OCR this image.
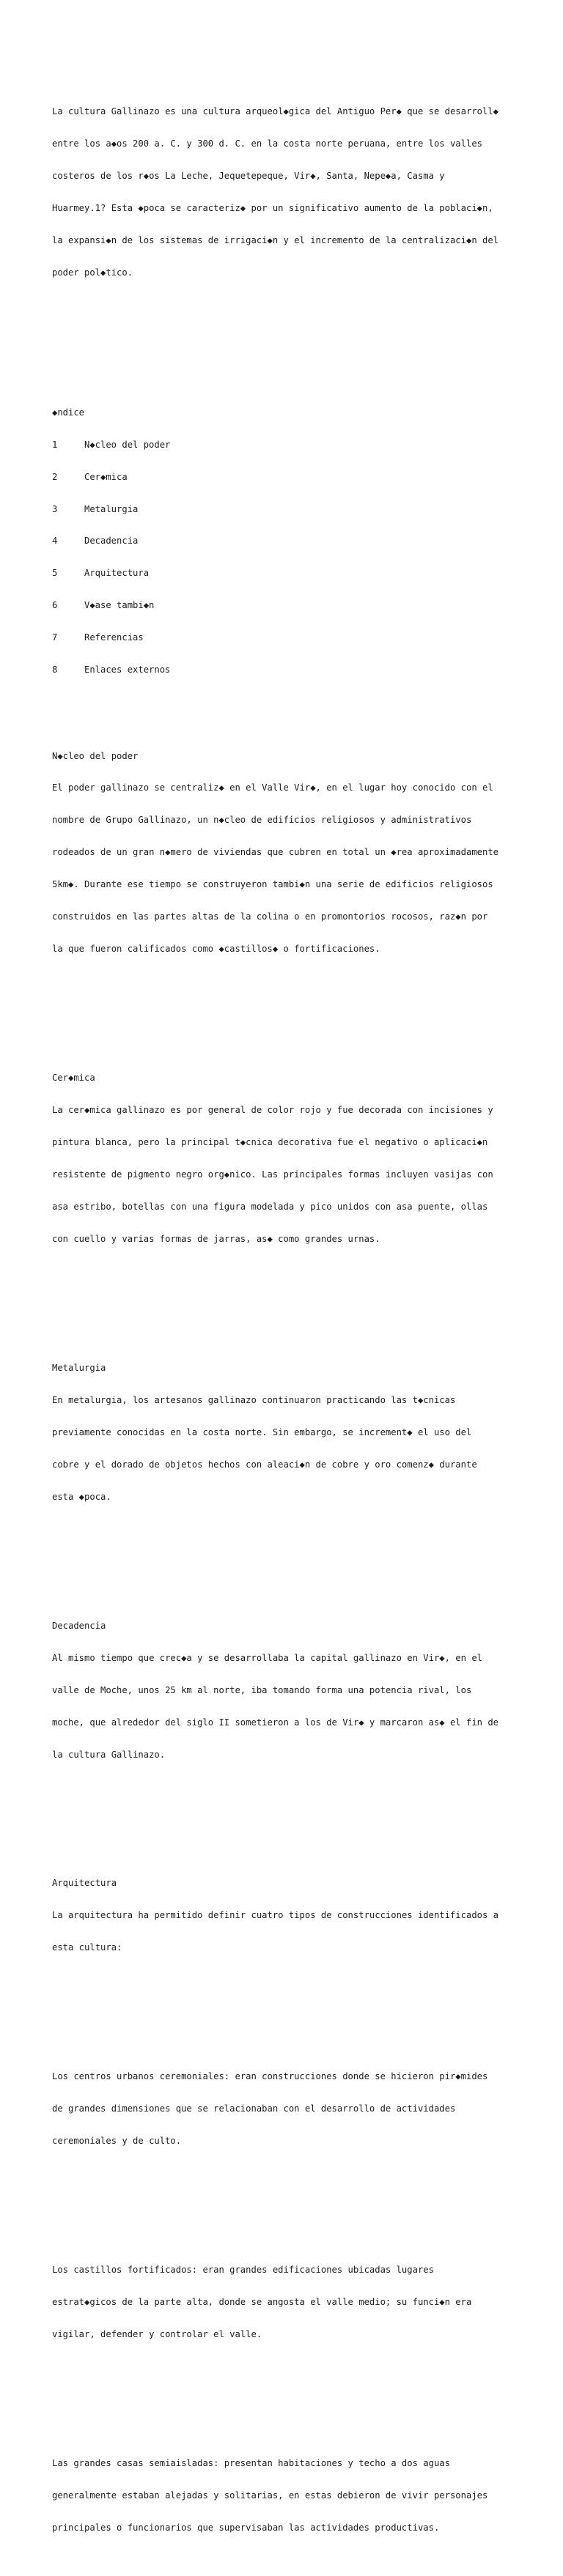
La cultura Gallinazo es una cultura arqueol◆gica del Antiguo Per◆ que se desarroll◆

entre los a◆os 200 a. C. y 300 d. C. en la costa norte peruana, entre los valles

costeros de los r◆os La Leche, Jequetepeque, Vir◆, Santa, Nepe◆a, Casma y

Huarmey.1? Esta ◆poca se caracteriz◆ por un significativo aumento de la poblaci◆n,

la expansi◆n de los sistemas de irrigaci◆n y el incremento de la centralizaci◆n del

poder pol◆tico.

◆ndice

1	N◆cleo del poder

2	Cer◆mica

3	Metalurgia

4	Decadencia

5	Arquitectura

6	V◆ase tambi◆n

7	Referencias

8	Enlaces externos

N◆cleo del poder

El poder gallinazo se centraliz◆ en el Valle Vir◆, en el lugar hoy conocido con el

nombre de Grupo Gallinazo, un n◆cleo de edificios religiosos y administrativos

rodeados de un gran n◆mero de viviendas que cubren en total un ◆rea aproximadamente

5km◆. Durante ese tiempo se construyeron tambi◆n una serie de edificios religiosos

construidos en las partes altas de la colina o en promontorios rocosos, raz◆n por

la que fueron calificados como ◆castillos◆ o fortificaciones.

Cer◆mica

La cer◆mica gallinazo es por general de color rojo y fue decorada con incisiones y

pintura blanca, pero la principal t◆cnica decorativa fue el negativo o aplicaci◆n

resistente de pigmento negro org◆nico. Las principales formas incluyen vasijas con

asa estribo, botellas con una figura modelada y pico unidos con asa puente, ollas

con cuello y varias formas de jarras, as◆ como grandes urnas.

Metalurgia

En metalurgia, los artesanos gallinazo continuaron practicando las t◆cnicas

previamente conocidas en la costa norte. Sin embargo, se increment◆ el uso del

cobre y el dorado de objetos hechos con aleaci◆n de cobre y oro comenz◆ durante

esta ◆poca.

Decadencia

Al mismo tiempo que crec◆a y se desarrollaba la capital gallinazo en Vir◆, en el

valle de Moche, unos 25 km al norte, iba tomando forma una potencia rival, los

moche, que alrededor del siglo II sometieron a los de Vir◆ y marcaron as◆ el fin de

la cultura Gallinazo.

Arquitectura

La arquitectura ha permitido definir cuatro tipos de construcciones identificados a

esta cultura:

Los centros urbanos ceremoniales: eran construcciones donde se hicieron pir◆mides

de grandes dimensiones que se relacionaban con el desarrollo de actividades

ceremoniales y de culto.

Los castillos fortificados: eran grandes edificaciones ubicadas lugares

estrat◆gicos de la parte alta, donde se angosta el valle medio; su funci◆n era

vigilar, defender y controlar el valle.

Las grandes casas semiaisladas: presentan habitaciones y techo a dos aguas

generalmente estaban alejadas y solitarias, en estas debieron de vivir personajes

principales o funcionarios que supervisaban las actividades productivas.
